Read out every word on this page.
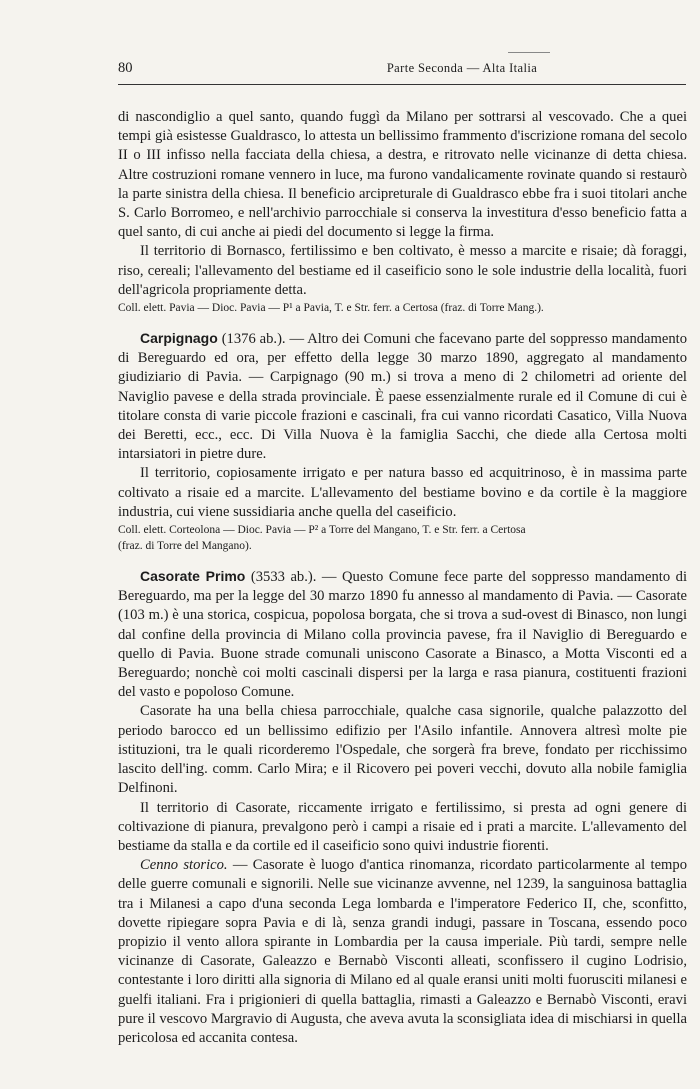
80	Parte Seconda — Alta Italia

di nascondiglio a quel santo, quando fuggì da Milano per sottrarsi al vescovado. Che a quei tempi già esistesse Gualdrasco, lo attesta un bellissimo frammento d'iscrizione romana del secolo II o III infisso nella facciata della chiesa, a destra, e ritrovato nelle vicinanze di detta chiesa. Altre costruzioni romane vennero in luce, ma furono vandalicamente rovinate quando si restaurò la parte sinistra della chiesa. Il beneficio arcipreturale di Gualdrasco ebbe fra i suoi titolari anche S. Carlo Borromeo, e nell'archivio parrocchiale si conserva la investitura d'esso beneficio fatta a quel santo, di cui anche ai piedi del documento si legge la firma.

Il territorio di Bornasco, fertilissimo e ben coltivato, è messo a marcite e risaie; dà foraggi, riso, cereali; l'allevamento del bestiame ed il caseificio sono le sole industrie della località, fuori dell'agricola propriamente detta.

Coll. elett. Pavia — Dioc. Pavia — P¹ a Pavia, T. e Str. ferr. a Certosa (fraz. di Torre Mang.).

Carpignago (1376 ab.). — Altro dei Comuni che facevano parte del soppresso mandamento di Bereguardo ed ora, per effetto della legge 30 marzo 1890, aggregato al mandamento giudiziario di Pavia. — Carpignago (90 m.) si trova a meno di 2 chilometri ad oriente del Naviglio pavese e della strada provinciale. È paese essenzialmente rurale ed il Comune di cui è titolare consta di varie piccole frazioni e cascinali, fra cui vanno ricordati Casatico, Villa Nuova dei Beretti, ecc., ecc. Di Villa Nuova è la famiglia Sacchi, che diede alla Certosa molti intarsiatori in pietre dure.

Il territorio, copiosamente irrigato e per natura basso ed acquitrinoso, è in massima parte coltivato a risaie ed a marcite. L'allevamento del bestiame bovino e da cortile è la maggiore industria, cui viene sussidiaria anche quella del caseificio.

Coll. elett. Corteolona — Dioc. Pavia — P² a Torre del Mangano, T. e Str. ferr. a Certosa
(fraz. di Torre del Mangano).

Casorate Primo (3533 ab.). — Questo Comune fece parte del soppresso mandamento di Bereguardo, ma per la legge del 30 marzo 1890 fu annesso al mandamento di Pavia. — Casorate (103 m.) è una storica, cospicua, popolosa borgata, che si trova a sud-ovest di Binasco, non lungi dal confine della provincia di Milano colla provincia pavese, fra il Naviglio di Bereguardo e quello di Pavia. Buone strade comunali uniscono Casorate a Binasco, a Motta Visconti ed a Bereguardo; nonchè coi molti cascinali dispersi per la larga e rasa pianura, costituenti frazioni del vasto e popoloso Comune.

Casorate ha una bella chiesa parrocchiale, qualche casa signorile, qualche palazzotto del periodo barocco ed un bellissimo edifizio per l'Asilo infantile. Annovera altresì molte pie istituzioni, tra le quali ricorderemo l'Ospedale, che sorgerà fra breve, fondato per ricchissimo lascito dell'ing. comm. Carlo Mira; e il Ricovero pei poveri vecchi, dovuto alla nobile famiglia Delfinoni.

Il territorio di Casorate, riccamente irrigato e fertilissimo, si presta ad ogni genere di coltivazione di pianura, prevalgono però i campi a risaie ed i prati a marcite. L'allevamento del bestiame da stalla e da cortile ed il caseificio sono quivi industrie fiorenti.

Cenno storico. — Casorate è luogo d'antica rinomanza, ricordato particolarmente al tempo delle guerre comunali e signorili. Nelle sue vicinanze avvenne, nel 1239, la sanguinosa battaglia tra i Milanesi a capo d'una seconda Lega lombarda e l'imperatore Federico II, che, sconfitto, dovette ripiegare sopra Pavia e di là, senza grandi indugi, passare in Toscana, essendo poco propizio il vento allora spirante in Lombardia per la causa imperiale. Più tardi, sempre nelle vicinanze di Casorate, Galeazzo e Bernabò Visconti alleati, sconfissero il cugino Lodrisio, contestante i loro diritti alla signoria di Milano ed al quale eransi uniti molti fuorusciti milanesi e guelfi italiani. Fra i prigionieri di quella battaglia, rimasti a Galeazzo e Bernabò Visconti, eravi pure il vescovo Margravio di Augusta, che aveva avuta la sconsigliata idea di mischiarsi in quella pericolosa ed accanita contesa.
